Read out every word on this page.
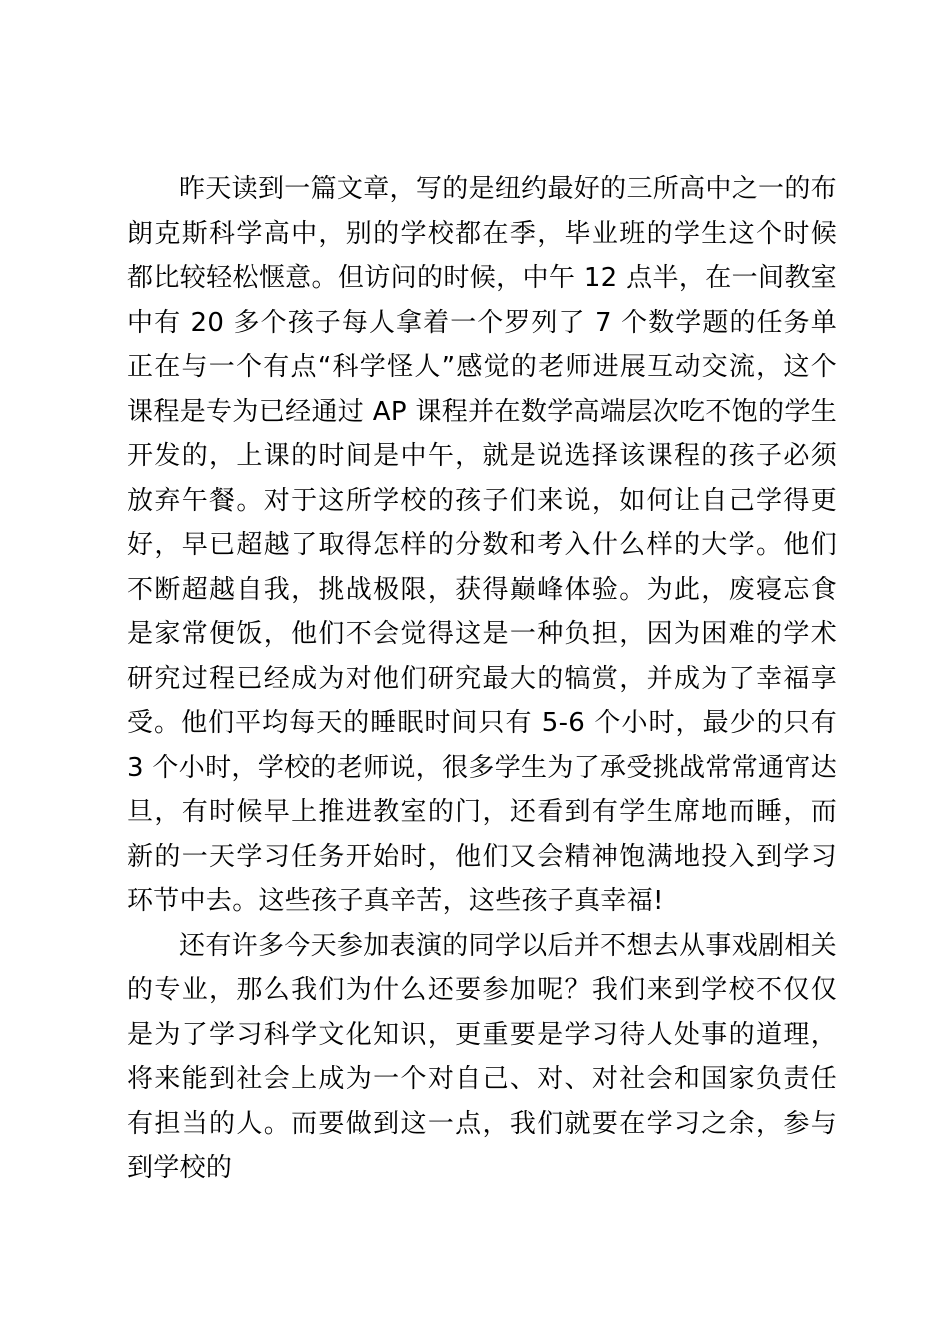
昨天读到一篇文章，写的是纽约最好的三所高中之一的布朗克斯科学高中，别的学校都在季，毕业班的学生这个时候都比较轻松惬意。但访问的时候，中午 12 点半，在一间教室中有 20 多个孩子每人拿着一个罗列了 7 个数学题的任务单正在与一个有点“科学怪人”感觉的老师进展互动交流，这个课程是专为已经通过 AP 课程并在数学高端层次吃不饱的学生开发的，上课的时间是中午，就是说选择该课程的孩子必须放弃午餐。对于这所学校的孩子们来说，如何让自己学得更好，早已超越了取得怎样的分数和考入什么样的大学。他们不断超越自我，挑战极限，获得巅峰体验。为此，废寝忘食是家常便饭，他们不会觉得这是一种负担，因为困难的学术研究过程已经成为对他们研究最大的犒赏，并成为了幸福享受。他们平均每天的睡眠时间只有 5-6 个小时，最少的只有 3 个小时，学校的老师说，很多学生为了承受挑战常常通宵达旦，有时候早上推进教室的门，还看到有学生席地而睡，而新的一天学习任务开始时，他们又会精神饱满地投入到学习环节中去。这些孩子真辛苦，这些孩子真幸福!

还有许多今天参加表演的同学以后并不想去从事戏剧相关的专业，那么我们为什么还要参加呢？我们来到学校不仅仅是为了学习科学文化知识，更重要是学习待人处事的道理，将来能到社会上成为一个对自己、对、对社会和国家负责任有担当的人。而要做到这一点，我们就要在学习之余，参与到学校的
